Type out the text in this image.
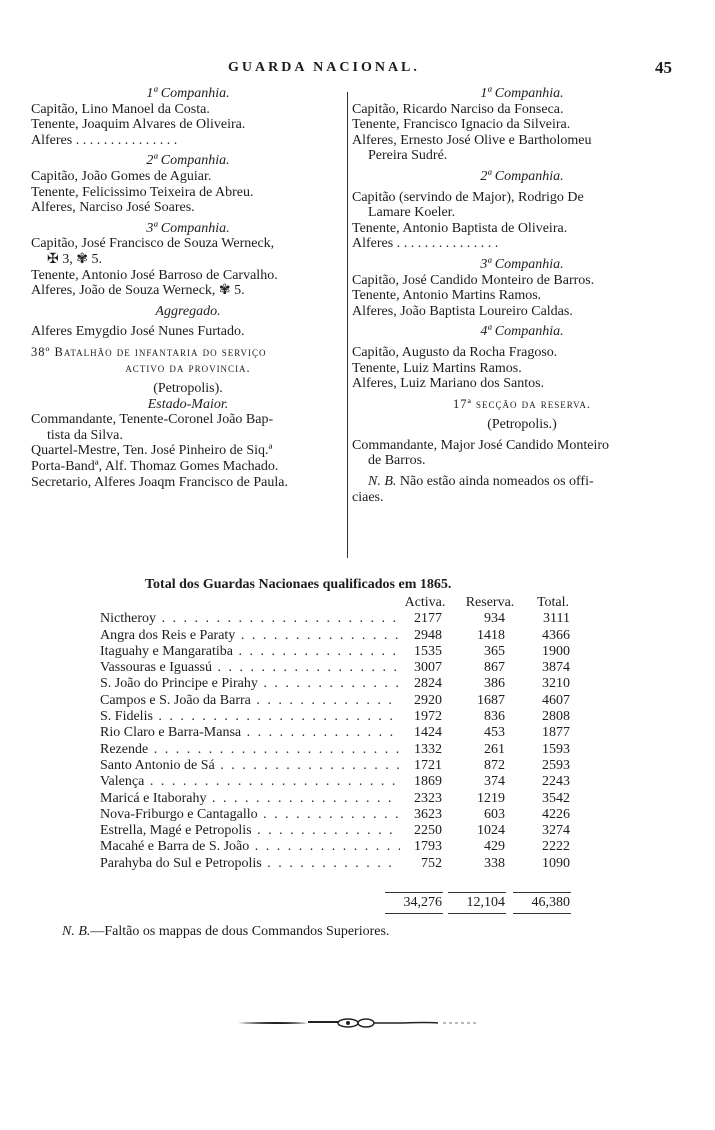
GUARDA NACIONAL.	45
1ª Companhia.
Capitão, Lino Manoel da Costa.
Tenente, Joaquim Alvares de Oliveira.
Alferes . . . . . . . . . . . . . . .
2ª Companhia.
Capitão, João Gomes de Aguiar.
Tenente, Felicissimo Teixeira de Abreu.
Alferes, Narciso José Soares.
3ª Companhia.
Capitão, José Francisco de Souza Werneck,
✠ 3, ✾ 5.
Tenente, Antonio José Barroso de Carvalho.
Alferes, João de Souza Werneck, ✾ 5.
Aggregado.
Alferes Emygdio José Nunes Furtado.
38º Batalhão de infantaria do serviço
activo da provincia.
(Petropolis).
Estado-Maior.
Commandante, Tenente-Coronel João Bap-
tista da Silva.
Quartel-Mestre, Ten. José Pinheiro de Siq.ª
Porta-Bandª, Alf. Thomaz Gomes Machado.
Secretario, Alferes Joaqm Francisco de Paula.
1ª Companhia.
Capitão, Ricardo Narciso da Fonseca.
Tenente, Francisco Ignacio da Silveira.
Alferes, Ernesto José Olive e Bartholomeu
Pereira Sudré.
2ª Companhia.
Capitão (servindo de Major), Rodrigo De
Lamare Koeler.
Tenente, Antonio Baptista de Oliveira.
Alferes . . . . . . . . . . . . . . .
3ª Companhia.
Capitão, José Candido Monteiro de Barros.
Tenente, Antonio Martins Ramos.
Alferes, João Baptista Loureiro Caldas.
4ª Companhia.
Capitão, Augusto da Rocha Fragoso.
Tenente, Luiz Martins Ramos.
Alferes, Luiz Mariano dos Santos.
17ª secção da reserva.
(Petropolis.)
Commandante, Major José Candido Monteiro
de Barros.
N. B. Não estão ainda nomeados os offi-
ciaes.
Total dos Guardas Nacionaes qualificados em 1865.
Activa.	Reserva.	Total.
Nictheroy . . .	2177	934	3111
Angra dos Reis e Paraty . . .	2948	1418	4366
Itaguahy e Mangaratiba . . .	1535	365	1900
Vassouras e Iguassú . . .	3007	867	3874
S. João do Principe e Pirahy . . .	2824	386	3210
Campos e S. João da Barra . . .	2920	1687	4607
S. Fidelis . . .	1972	836	2808
Rio Claro e Barra-Mansa . . .	1424	453	1877
Rezende . . .	1332	261	1593
Santo Antonio de Sá . . .	1721	872	2593
Valença . . .	1869	374	2243
Maricá e Itaborahy . . .	2323	1219	3542
Nova-Friburgo e Cantagallo . . .	3623	603	4226
Estrella, Magé e Petropolis . . .	2250	1024	3274
Macahé e Barra de S. João . . .	1793	429	2222
Parahyba do Sul e Petropolis . . .	752	338	1090
34,276	12,104	46,380
N. B.—Faltão os mappas de dous Commandos Superiores.
